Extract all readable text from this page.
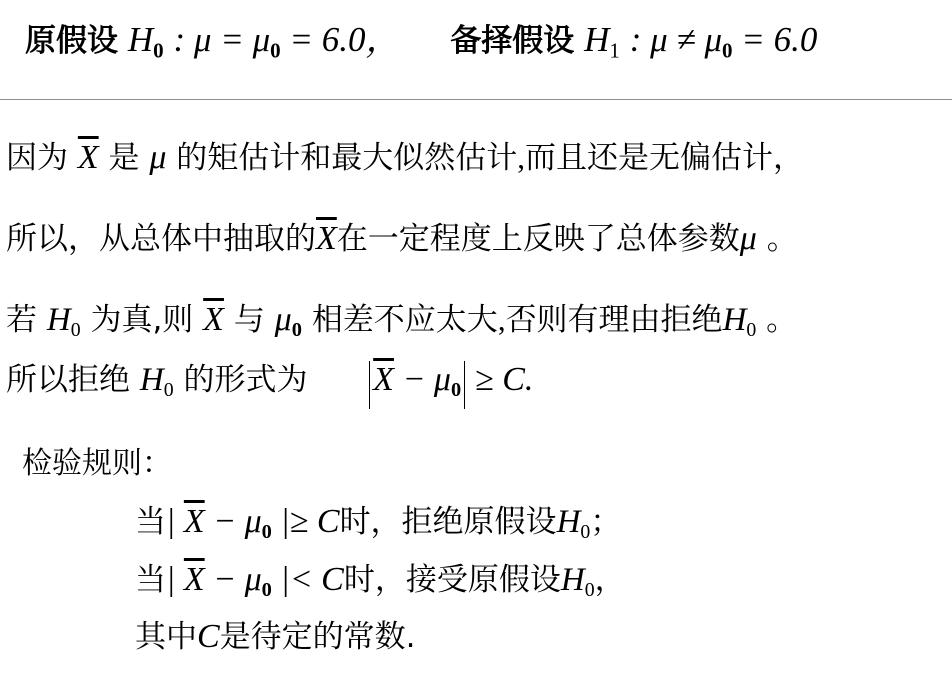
原假设 H0 : μ = μ0 = 6.0， 备择假设 $H_1$ : μ ≠ μ0 = 6.0
因为 $\overline{X}$ 是 μ 的矩估计和最大似然估计,而且还是无偏估计，
所以，从总体中抽取的$\overline{X}$在一定程度上反映了总体参数μ 。
若 $H_0$ 为真,则 $\overline{X}$ 与 μ0 相差不应太大,否则有理由拒绝$H_0$ 。
所以拒绝 $H_0$ 的形式为 $\overline{X} - \mu 0 \ge C$.
检验规则：
当| $\overline{X} - \mu 0$ |≥ C时，拒绝原假设$H_0$；
当| $\overline{X} - \mu 0$ |< C时，接受原假设$H_0$，
其中C是待定的常数.
